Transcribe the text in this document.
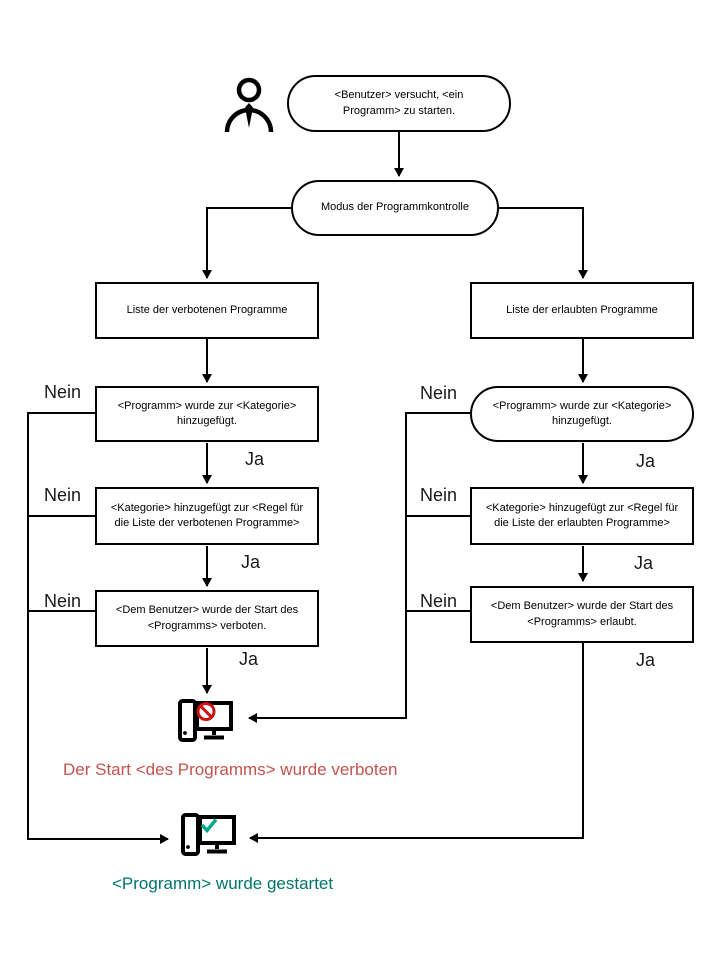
<Benutzer> versucht, <ein Programm> zu starten.
Modus der Programmkontrolle
Liste der verbotenen Programme	Liste der erlaubten Programme
<Programm> wurde zur <Kategorie> hinzugefügt.
<Programm> wurde zur <Kategorie> hinzugefügt.
<Kategorie> hinzugefügt zur <Regel für die Liste der verbotenen Programme>
<Kategorie> hinzugefügt zur <Regel für die Liste der erlaubten Programme>
<Dem Benutzer> wurde der Start des <Programms> verboten.
<Dem Benutzer> wurde der Start des <Programms> erlaubt.
Nein
Nein
Nein
Nein
Nein
Nein
Ja
Ja
Ja
Ja
Ja
Ja
Der Start <des Programms> wurde verboten
<Programm> wurde gestartet
